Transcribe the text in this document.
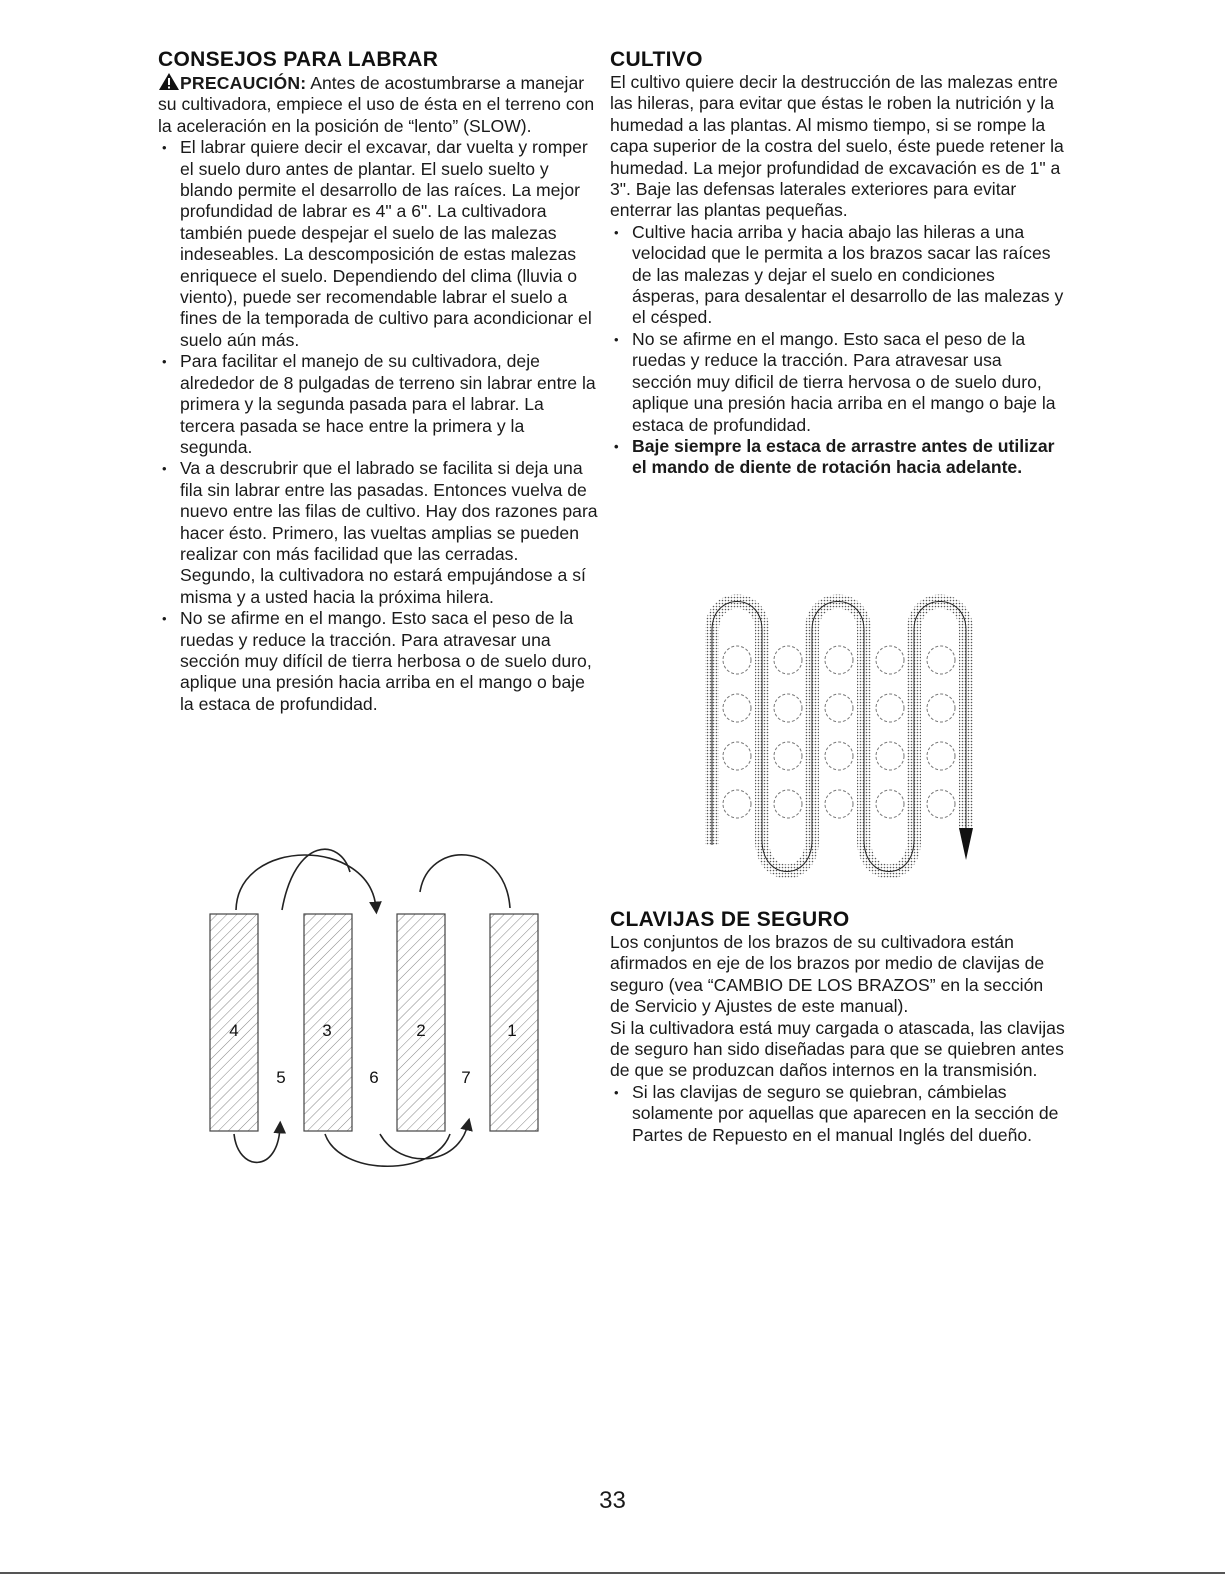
CONSEJOS PARA LABRAR

PRECAUCIÓN: Antes de acostumbrarse a manejar su cultivadora, empiece el uso de ésta en el terreno con la aceleración en la posición de “lento” (SLOW).

• El labrar quiere decir el excavar, dar vuelta y romper el suelo duro antes de plantar. El suelo suelto y blando permite el desarrollo de las raíces. La mejor profundidad de labrar es 4" a 6". La cultivadora también puede despejar el suelo de las malezas indeseables. La descomposición de estas malezas enriquece el suelo. Dependiendo del clima (lluvia o viento), puede ser recomendable labrar el suelo a fines de la temporada de cultivo para acondicionar el suelo aún más.
• Para facilitar el manejo de su cultivadora, deje alrededor de 8 pulgadas de terreno sin labrar entre la primera y la segunda pasada para el labrar. La tercera pasada se hace entre la primera y la segunda.
• Va a descrubrir que el labrado se facilita si deja una fila sin labrar entre las pasadas. Entonces vuelva de nuevo entre las filas de cultivo. Hay dos razones para hacer ésto. Primero, las vueltas amplias se pueden realizar con más facilidad que las cerradas. Segundo, la cultivadora no estará empujándose a sí misma y a usted hacia la próxima hilera.
• No se afirme en el mango. Esto saca el peso de la ruedas y reduce la tracción. Para atravesar una sección muy difícil de tierra herbosa o de suelo duro, aplique una presión hacia arriba en el mango o baje la estaca de profundidad.
4	3	2	1
5	6	7
CULTIVO

El cultivo quiere decir la destrucción de las malezas entre las hileras, para evitar que éstas le roben la nutrición y la humedad a las plantas. Al mismo tiempo, si se rompe la capa superior de la costra del suelo, éste puede retener la humedad. La mejor profundidad de excavación es de 1" a 3". Baje las defensas laterales exteriores para evitar enterrar las plantas pequeñas.

• Cultive hacia arriba y hacia abajo las hileras a una velocidad que le permita a los brazos sacar las raíces de las malezas y dejar el suelo en condiciones ásperas, para desalentar el desarrollo de las malezas y el césped.
• No se afirme en el mango. Esto saca el peso de la ruedas y reduce la tracción. Para atravesar usa sección muy dificil de tierra hervosa o de suelo duro, aplique una presión hacia arriba en el mango o baje la estaca de profundidad.
• Baje siempre la estaca de arrastre antes de utilizar el mando de diente de rotación hacia adelante.
CLAVIJAS DE SEGURO

Los conjuntos de los brazos de su cultivadora están afirmados en eje de los brazos por medio de clavijas de seguro (vea “CAMBIO DE LOS BRAZOS” en la sección de Servicio y Ajustes de este manual).

Si la cultivadora está muy cargada o atascada, las clavijas de seguro han sido diseñadas para que se quiebren antes de que se produzcan daños internos en la transmisión.

• Si las clavijas de seguro se quiebran, cámbielas solamente por aquellas que aparecen en la sección de Partes de Repuesto en el manual Inglés del dueño.
33
